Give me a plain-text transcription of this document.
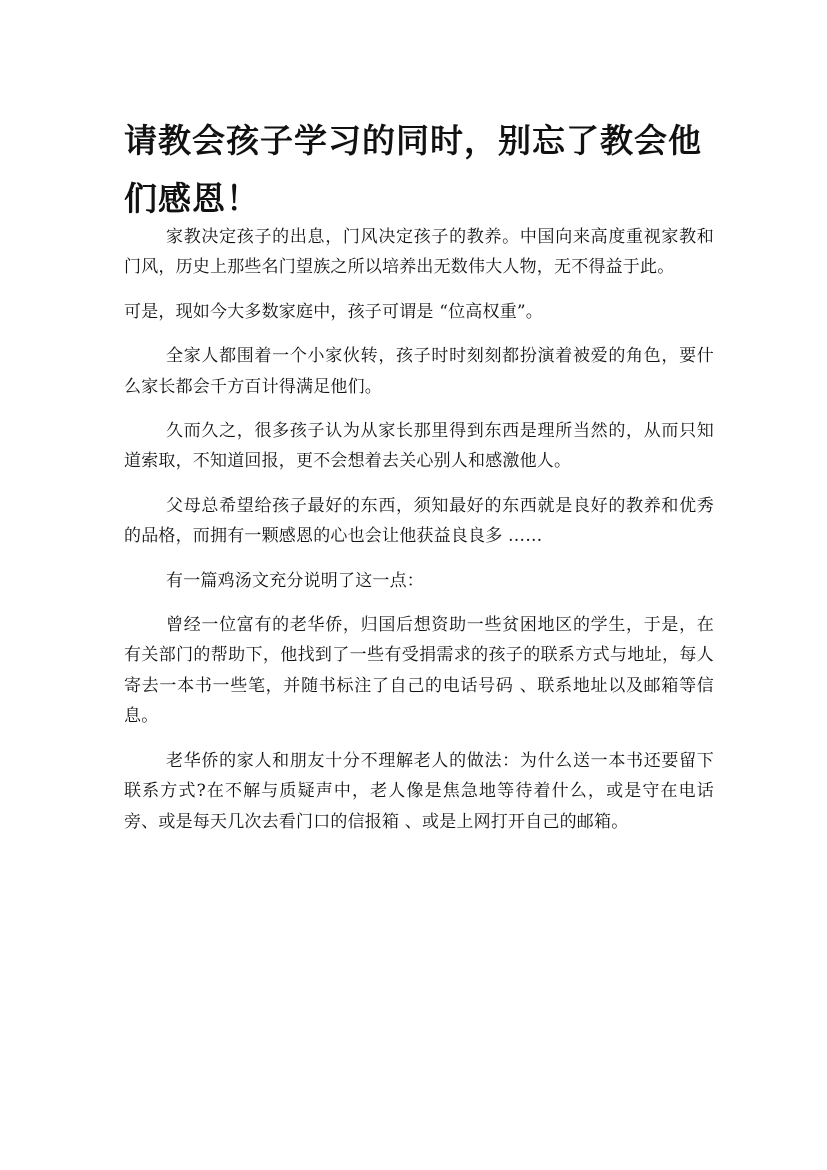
请教会孩子学习的同时，别忘了教会他们感恩！

家教决定孩子的出息，门风决定孩子的教养。中国向来高度重视家教和门风，历史上那些名门望族之所以培养出无数伟大人物，无不得益于此。

可是，现如今大多数家庭中，孩子可谓是 “位高权重”。

全家人都围着一个小家伙转，孩子时时刻刻都扮演着被爱的角色，要什么家长都会千方百计得满足他们。

久而久之，很多孩子认为从家长那里得到东西是理所当然的，从而只知道索取，不知道回报，更不会想着去关心别人和感激他人。

父母总希望给孩子最好的东西，须知最好的东西就是良好的教养和优秀的品格，而拥有一颗感恩的心也会让他获益良良多 ……

有一篇鸡汤文充分说明了这一点：

曾经一位富有的老华侨，归国后想资助一些贫困地区的学生，于是，在有关部门的帮助下，他找到了一些有受捐需求的孩子的联系方式与地址，每人寄去一本书一些笔，并随书标注了自己的电话号码 、联系地址以及邮箱等信息。

老华侨的家人和朋友十分不理解老人的做法：为什么送一本书还要留下联系方式?在不解与质疑声中，老人像是焦急地等待着什么，或是守在电话旁、或是每天几次去看门口的信报箱 、或是上网打开自己的邮箱。
